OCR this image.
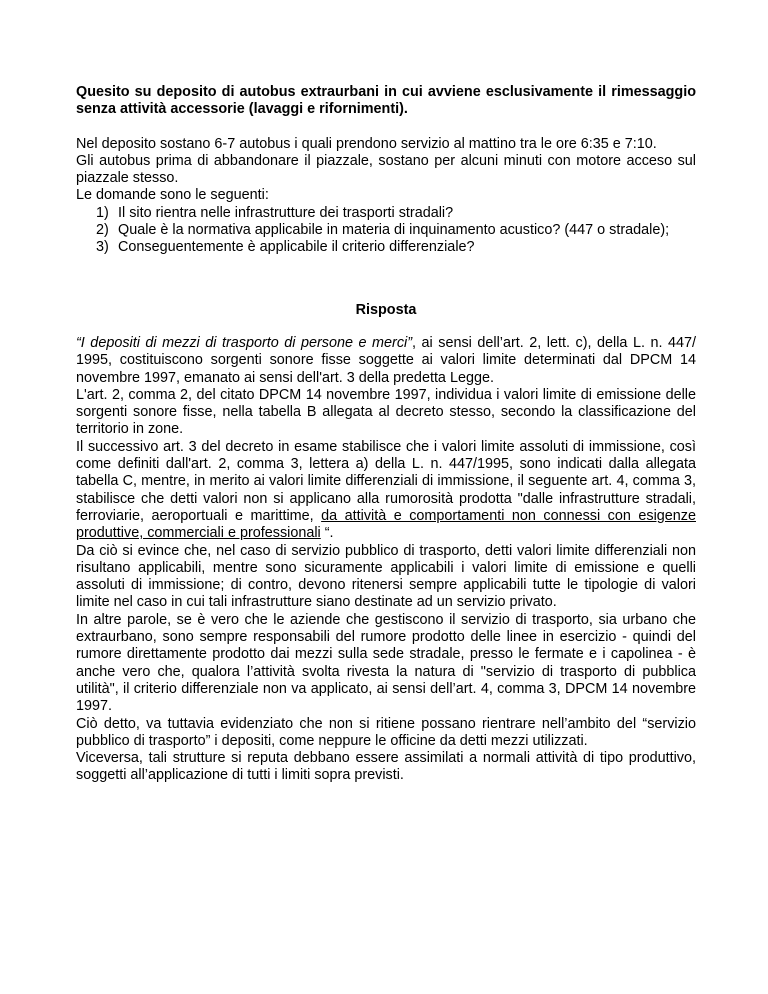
Quesito su deposito di autobus extraurbani in cui avviene esclusivamente il rimessaggio senza attività accessorie (lavaggi e rifornimenti).

Nel deposito sostano 6-7 autobus i quali prendono servizio al mattino tra le ore 6:35 e 7:10.

Gli autobus prima di abbandonare il piazzale, sostano per alcuni minuti con motore acceso sul piazzale stesso.

Le domande sono le seguenti:

1) Il sito rientra nelle infrastrutture dei trasporti stradali?
2) Quale è la normativa applicabile in materia di inquinamento acustico? (447 o stradale);
3) Conseguentemente è applicabile il criterio differenziale?

Risposta

“I depositi di mezzi di trasporto di persone e merci”, ai sensi dell’art. 2, lett. c), della L. n. 447/ 1995, costituiscono sorgenti sonore fisse soggette ai valori limite determinati dal DPCM 14 novembre 1997, emanato ai sensi dell'art. 3 della predetta Legge.

L'art. 2, comma 2, del citato DPCM 14 novembre 1997, individua i valori limite di emissione delle sorgenti sonore fisse, nella tabella B allegata al decreto stesso, secondo la classificazione del territorio in zone.

Il successivo art. 3 del decreto in esame stabilisce che i valori limite assoluti di immissione, così come definiti dall'art. 2, comma 3, lettera a) della L. n. 447/1995, sono indicati dalla allegata tabella C, mentre, in merito ai valori limite differenziali di immissione, il seguente art. 4, comma 3, stabilisce che detti valori non si applicano alla rumorosità prodotta "dalle infrastrutture stradali, ferroviarie, aeroportuali e marittime, da attività e comportamenti non connessi con esigenze produttive, commerciali e professionali “.

Da ciò si evince che, nel caso di servizio pubblico di trasporto, detti valori limite differenziali non risultano applicabili, mentre sono sicuramente applicabili i valori limite di emissione e quelli assoluti di immissione; di contro, devono ritenersi sempre applicabili tutte le tipologie di valori limite nel caso in cui tali infrastrutture siano destinate ad un servizio privato.

In altre parole, se è vero che le aziende che gestiscono il servizio di trasporto, sia urbano che extraurbano, sono sempre responsabili del rumore prodotto delle linee in esercizio - quindi del rumore direttamente prodotto dai mezzi sulla sede stradale, presso le fermate e i capolinea - è anche vero che, qualora l’attività svolta rivesta la natura di "servizio di trasporto di pubblica utilità", il criterio differenziale non va applicato, ai sensi dell’art. 4, comma 3, DPCM 14 novembre 1997.

Ciò detto, va tuttavia evidenziato che non si ritiene possano rientrare nell’ambito del “servizio pubblico di trasporto” i depositi, come neppure le officine da detti mezzi utilizzati.

Viceversa, tali strutture si reputa debbano essere assimilati a normali attività di tipo produttivo, soggetti all’applicazione di tutti i limiti sopra previsti.
